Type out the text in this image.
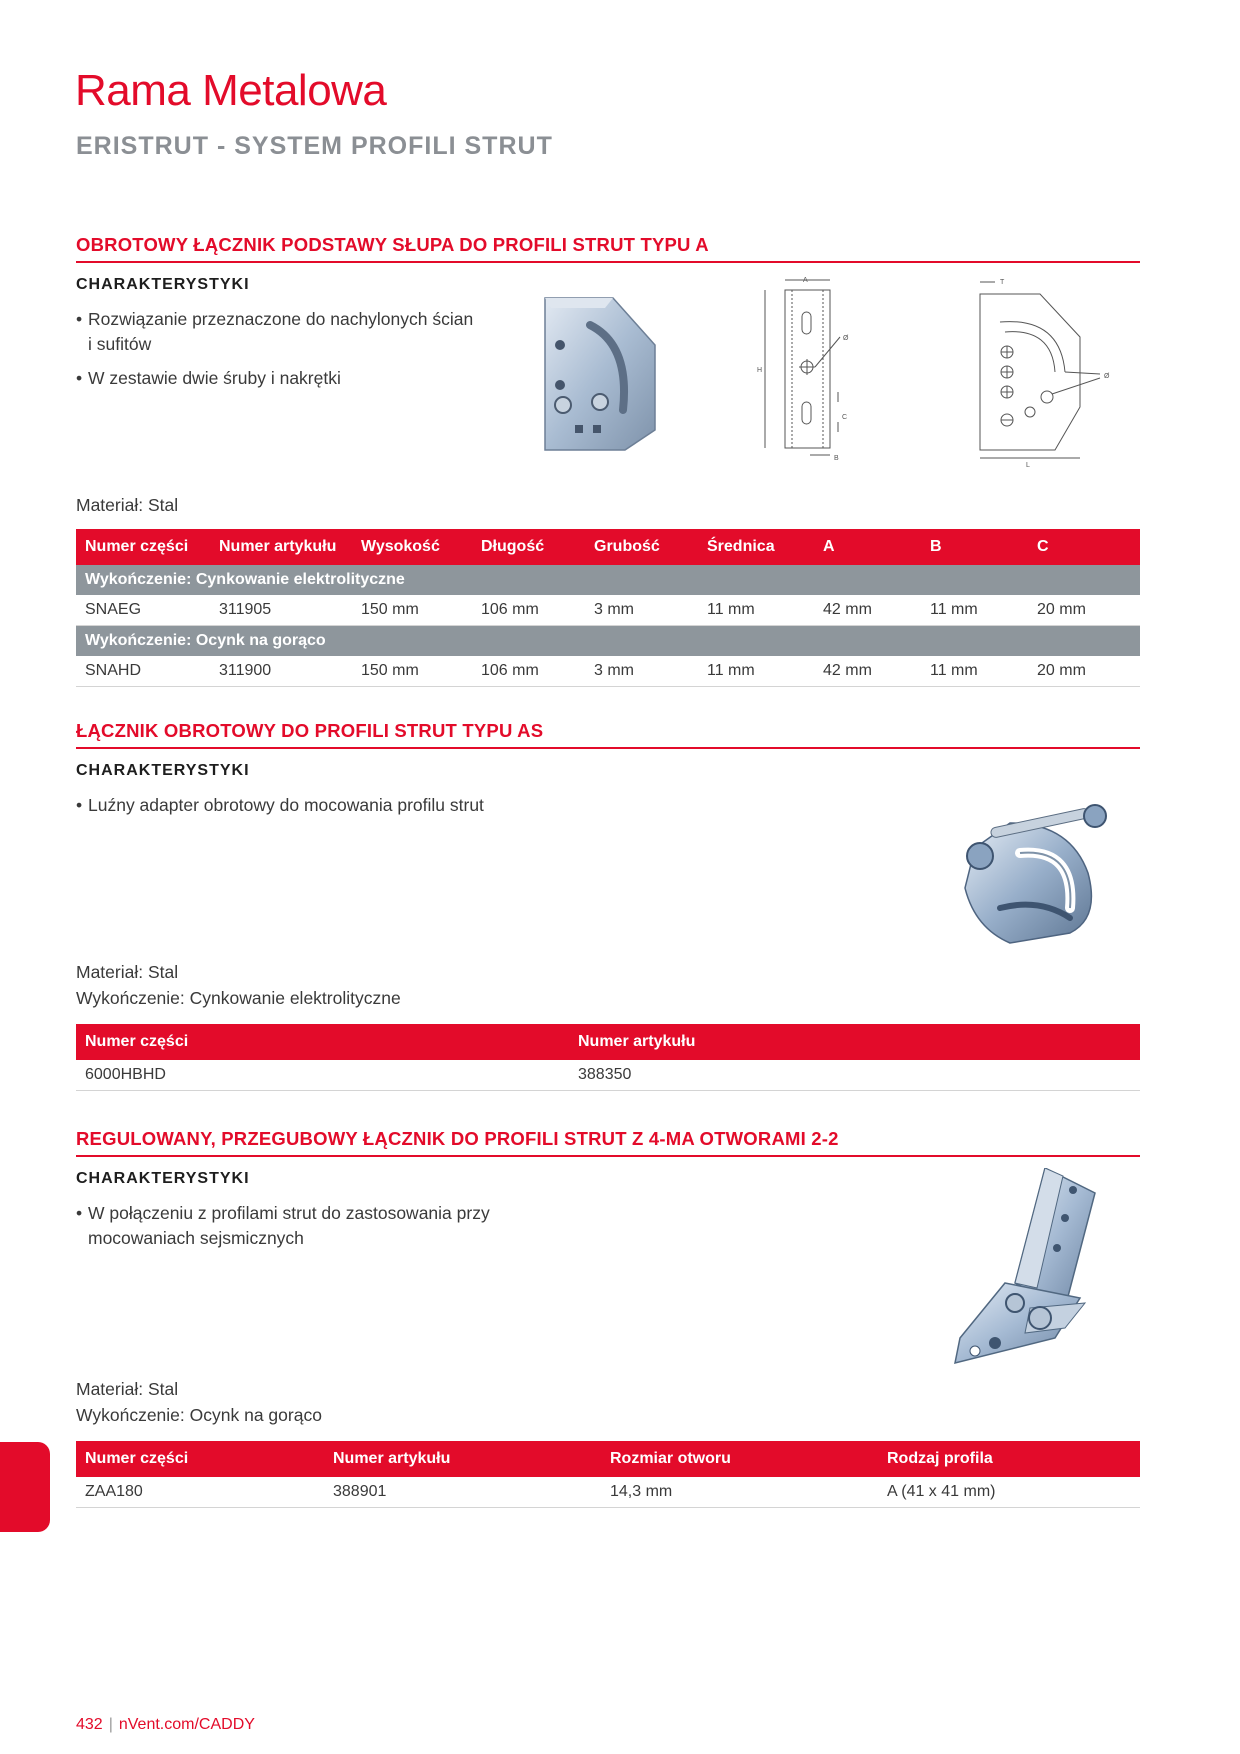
Rama Metalowa
ERISTRUT - SYSTEM PROFILI STRUT
OBROTOWY ŁĄCZNIK PODSTAWY SŁUPA DO PROFILI STRUT TYPU A
CHARAKTERYSTYKI
• Rozwiązanie przeznaczone do nachylonych ścian i sufitów
• W zestawie dwie śruby i nakrętki
A
Ø
H
C
B
T
L
Ø
Materiał: Stal
Numer części	Numer artykułu	Wysokość	Długość	Grubość	Średnica	A	B	C
Wykończenie: Cynkowanie elektrolityczne								
SNAEG	311905	150 mm	106 mm	3 mm	11 mm	42 mm	11 mm	20 mm
Wykończenie: Ocynk na gorąco								
SNAHD	311900	150 mm	106 mm	3 mm	11 mm	42 mm	11 mm	20 mm
ŁĄCZNIK OBROTOWY DO PROFILI STRUT TYPU AS
CHARAKTERYSTYKI
• Luźny adapter obrotowy do mocowania profilu strut
Materiał: Stal
Wykończenie: Cynkowanie elektrolityczne
Numer części	Numer artykułu
6000HBHD	388350
REGULOWANY, PRZEGUBOWY ŁĄCZNIK DO PROFILI STRUT Z 4-MA OTWORAMI 2-2
CHARAKTERYSTYKI
• W połączeniu z profilami strut do zastosowania przy mocowaniach sejsmicznych
Materiał: Stal
Wykończenie: Ocynk na gorąco
Numer części	Numer artykułu	Rozmiar otworu	Rodzaj profila
ZAA180	388901	14,3 mm	A (41 x 41 mm)
432 | nVent.com/CADDY
